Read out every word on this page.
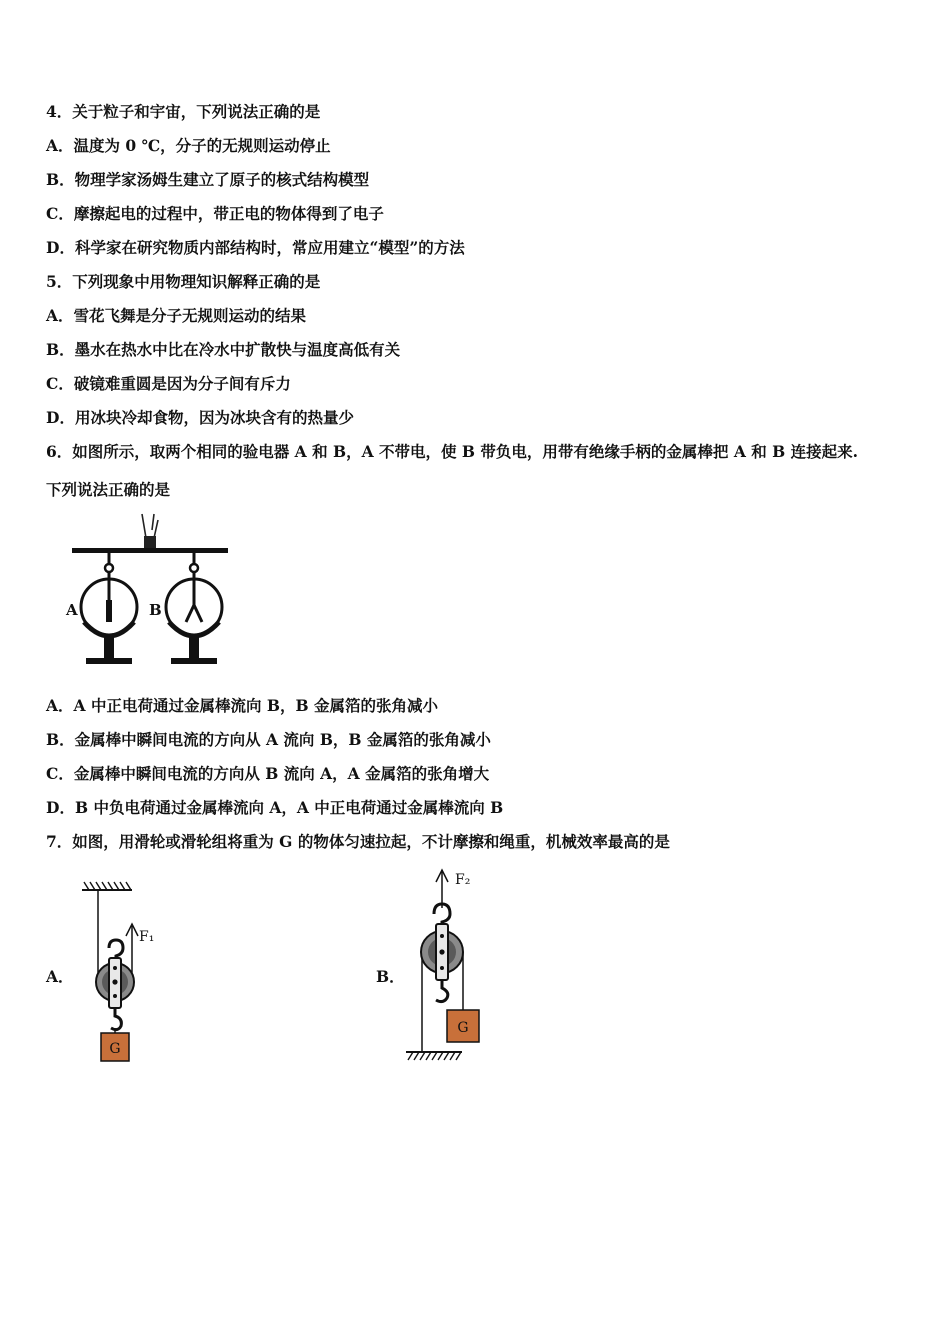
4．关于粒子和宇宙，下列说法正确的是
A．温度为 0 ℃，分子的无规则运动停止
B．物理学家汤姆生建立了原子的核式结构模型
C．摩擦起电的过程中，带正电的物体得到了电子
D．科学家在研究物质内部结构时，常应用建立“模型”的方法
5．下列现象中用物理知识解释正确的是
A．雪花飞舞是分子无规则运动的结果
B．墨水在热水中比在冷水中扩散快与温度高低有关
C．破镜难重圆是因为分子间有斥力
D．用冰块冷却食物，因为冰块含有的热量少
6．如图所示，取两个相同的验电器 A 和 B，A 不带电，使 B 带负电，用带有绝缘手柄的金属棒把 A 和 B 连接起来.
下列说法正确的是
A	B
A．A 中正电荷通过金属棒流向 B，B 金属箔的张角减小
B．金属棒中瞬间电流的方向从 A 流向 B，B 金属箔的张角减小
C．金属棒中瞬间电流的方向从 B 流向 A，A 金属箔的张角增大
D．B 中负电荷通过金属棒流向 A，A 中正电荷通过金属棒流向 B
7．如图，用滑轮或滑轮组将重为 G 的物体匀速拉起，不计摩擦和绳重，机械效率最高的是
A．
F₁
G
B．
F₂
G
